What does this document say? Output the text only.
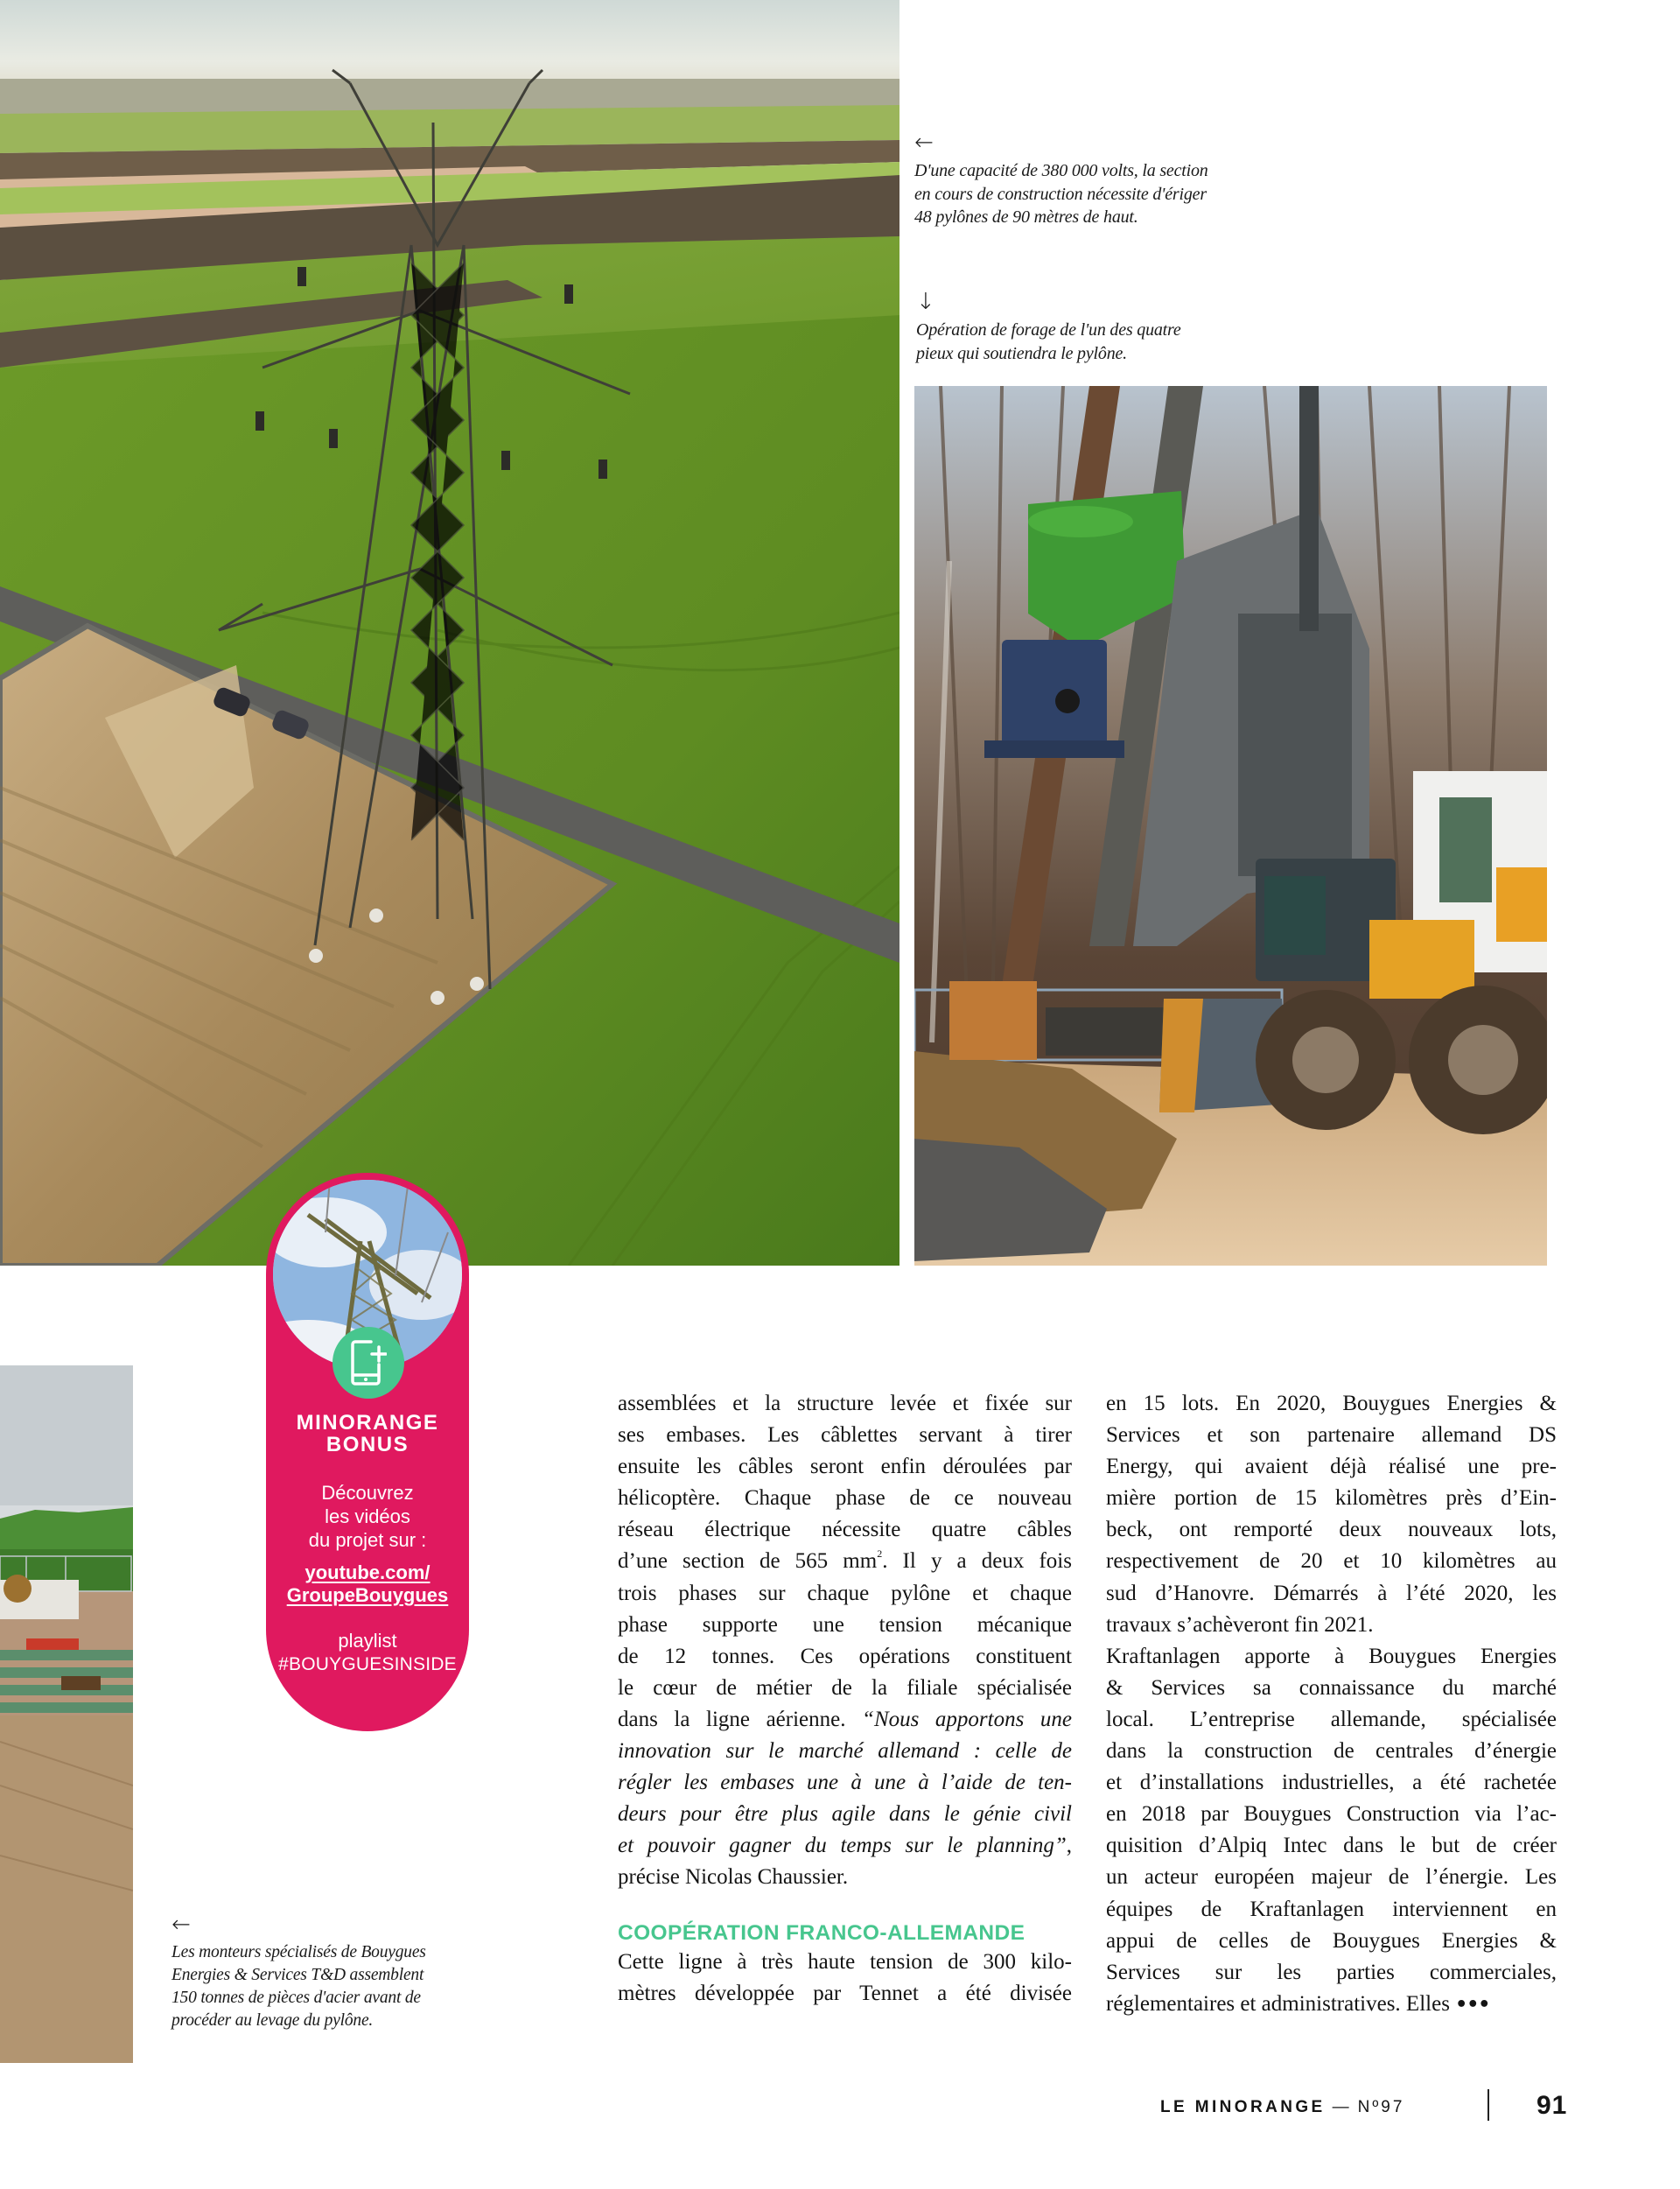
←
D'une capacité de 380 000 volts, la section
en cours de construction nécessite d'ériger
48 pylônes de 90 mètres de haut.
↓
Opération de forage de l'un des quatre
pieux qui soutiendra le pylône.
←
Les monteurs spécialisés de Bouygues
Energies & Services T&D assemblent
150 tonnes de pièces d'acier avant de
procéder au levage du pylône.
MINORANGE
BONUS
Découvrez
les vidéos
du projet sur :
youtube.com/
GroupeBouygues
playlist
#BOUYGUESINSIDE
assemblées et la structure levée et fixée sur
ses embases. Les câblettes servant à tirer
ensuite les câbles seront enfin déroulées par
hélicoptère. Chaque phase de ce nouveau
réseau électrique nécessite quatre câbles
d’une section de 565 $mm^2$. Il y a deux fois
trois phases sur chaque pylône et chaque
phase supporte une tension mécanique
de 12 tonnes. Ces opérations constituent
le cœur de métier de la filiale spécialisée
dans la ligne aérienne. “Nous apportons une
innovation sur le marché allemand : celle de
régler les embases une à une à l’aide de ten-
deurs pour être plus agile dans le génie civil
et pouvoir gagner du temps sur le planning”,
précise Nicolas Chaussier.
COOPÉRATION FRANCO-ALLEMANDE
Cette ligne à très haute tension de 300 kilo-
mètres développée par Tennet a été divisée
en 15 lots. En 2020, Bouygues Energies &
Services et son partenaire allemand DS
Energy, qui avaient déjà réalisé une pre-
mière portion de 15 kilomètres près d’Ein-
beck, ont remporté deux nouveaux lots,
respectivement de 20 et 10 kilomètres au
sud d’Hanovre. Démarrés à l’été 2020, les
travaux s’achèveront fin 2021.
Kraftanlagen apporte à Bouygues Energies
& Services sa connaissance du marché
local. L’entreprise allemande, spécialisée
dans la construction de centrales d’énergie
et d’installations industrielles, a été rachetée
en 2018 par Bouygues Construction via l’ac-
quisition d’Alpiq Intec dans le but de créer
un acteur européen majeur de l’énergie. Les
équipes de Kraftanlagen interviennent en
appui de celles de Bouygues Energies &
Services sur les parties commerciales,
réglementaires et administratives. Elles •••
LE MINORANGE — Nº97	91
